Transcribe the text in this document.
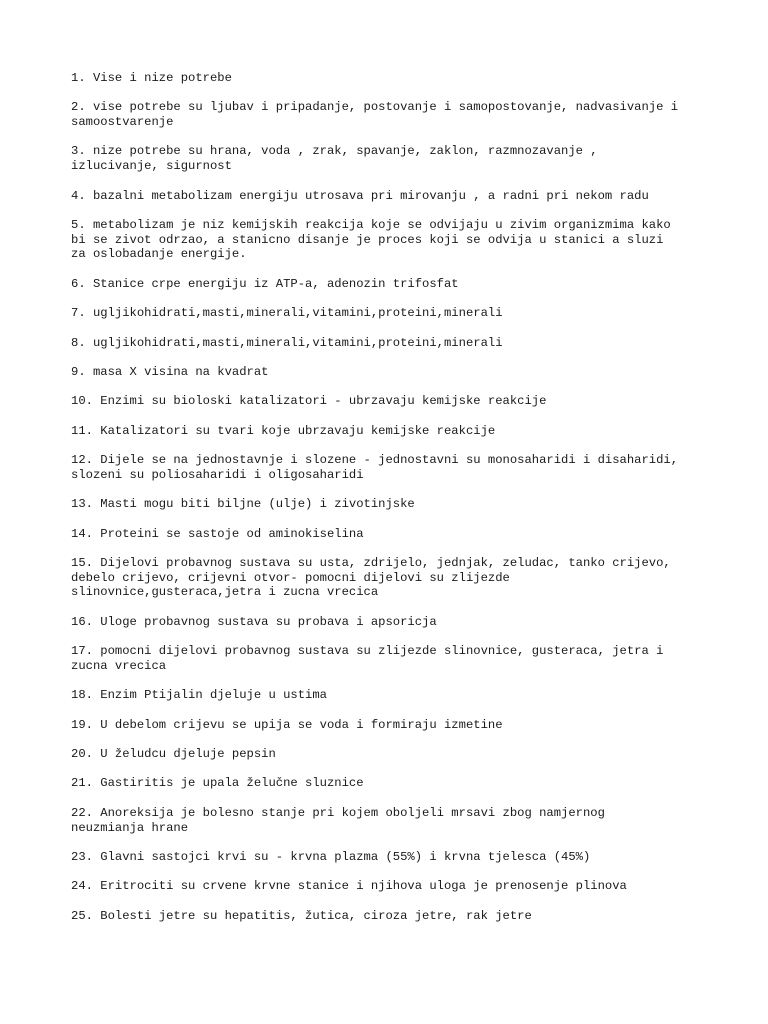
1. Vise i nize potrebe
2. vise potrebe su ljubav i pripadanje, postovanje i samopostovanje, nadvasivanje i
samoostvarenje
3. nize potrebe su hrana, voda , zrak, spavanje, zaklon, razmnozavanje ,
izlucivanje, sigurnost
4. bazalni metabolizam energiju utrosava pri mirovanju , a radni pri nekom radu
5. metabolizam je niz kemijskih reakcija koje se odvijaju u zivim organizmima kako
bi se zivot odrzao, a stanicno disanje je proces koji se odvija u stanici a sluzi
za oslobadanje energije.
6. Stanice crpe energiju iz ATP-a, adenozin trifosfat
7. ugljikohidrati,masti,minerali,vitamini,proteini,minerali
8. ugljikohidrati,masti,minerali,vitamini,proteini,minerali
9. masa X visina na kvadrat
10. Enzimi su bioloski katalizatori - ubrzavaju kemijske reakcije
11. Katalizatori su tvari koje ubrzavaju kemijske reakcije
12. Dijele se na jednostavnje i slozene - jednostavni su monosaharidi i disaharidi,
slozeni su poliosaharidi i oligosaharidi
13. Masti mogu biti biljne (ulje) i zivotinjske
14. Proteini se sastoje od aminokiselina
15. Dijelovi probavnog sustava su usta, zdrijelo, jednjak, zeludac, tanko crijevo,
debelo crijevo, crijevni otvor- pomocni dijelovi su zlijezde
slinovnice,gusteraca,jetra i zucna vrecica
16. Uloge probavnog sustava su probava i apsoricja
17. pomocni dijelovi probavnog sustava su zlijezde slinovnice, gusteraca, jetra i
zucna vrecica
18. Enzim Ptijalin djeluje u ustima
19. U debelom crijevu se upija se voda i formiraju izmetine
20. U želudcu djeluje pepsin
21. Gastiritis je upala želučne sluznice
22. Anoreksija je bolesno stanje pri kojem oboljeli mrsavi zbog namjernog
neuzmianja hrane
23. Glavni sastojci krvi su - krvna plazma (55%) i krvna tjelesca (45%)
24. Eritrociti su crvene krvne stanice i njihova uloga je prenosenje plinova
25. Bolesti jetre su hepatitis, žutica, ciroza jetre, rak jetre
